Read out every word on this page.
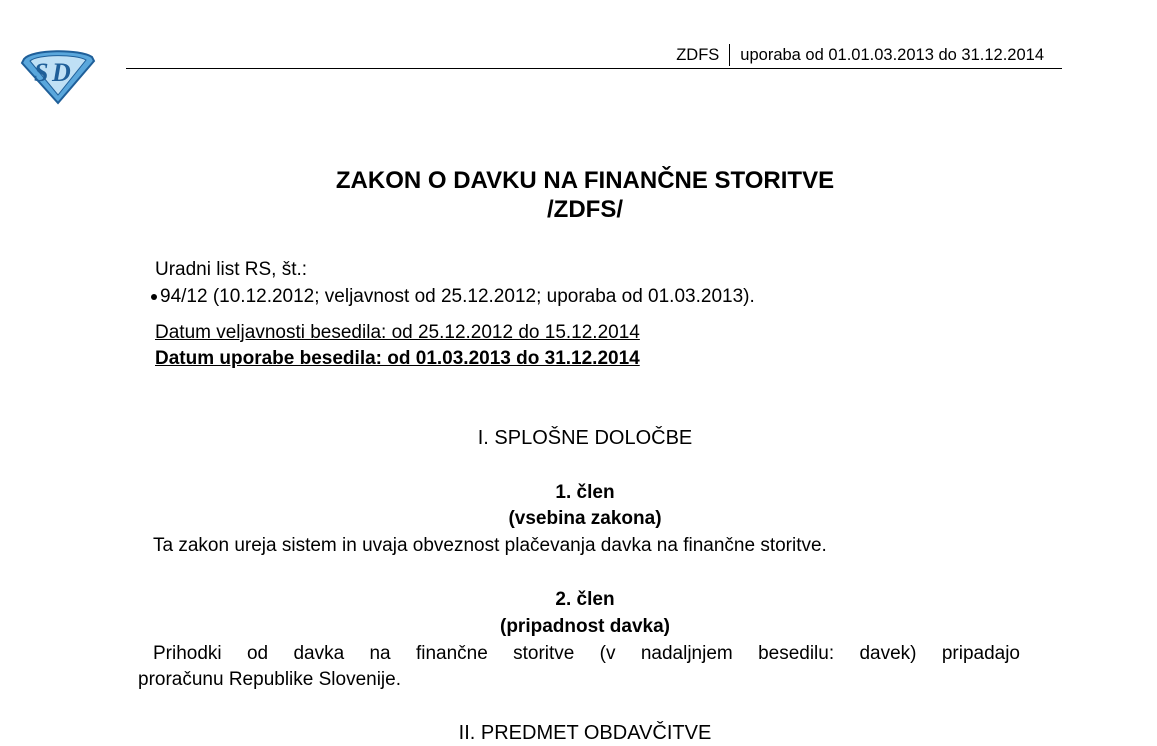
S D
ZDFS	uporaba od 01.01.03.2013 do 31.12.2014
ZAKON O DAVKU NA FINANČNE STORITVE
/ZDFS/
Uradni list RS, št.:
94/12 (10.12.2012; veljavnost od 25.12.2012; uporaba od 01.03.2013).
Datum veljavnosti besedila: od 25.12.2012 do 15.12.2014
Datum uporabe besedila: od 01.03.2013 do 31.12.2014
I. SPLOŠNE DOLOČBE
1. člen
(vsebina zakona)
Ta zakon ureja sistem in uvaja obveznost plačevanja davka na finančne storitve.
2. člen
(pripadnost davka)
Prihodki od davka na finančne storitve (v nadaljnjem besedilu: davek) pripadajo
proračunu Republike Slovenije.
II. PREDMET OBDAVČITVE
